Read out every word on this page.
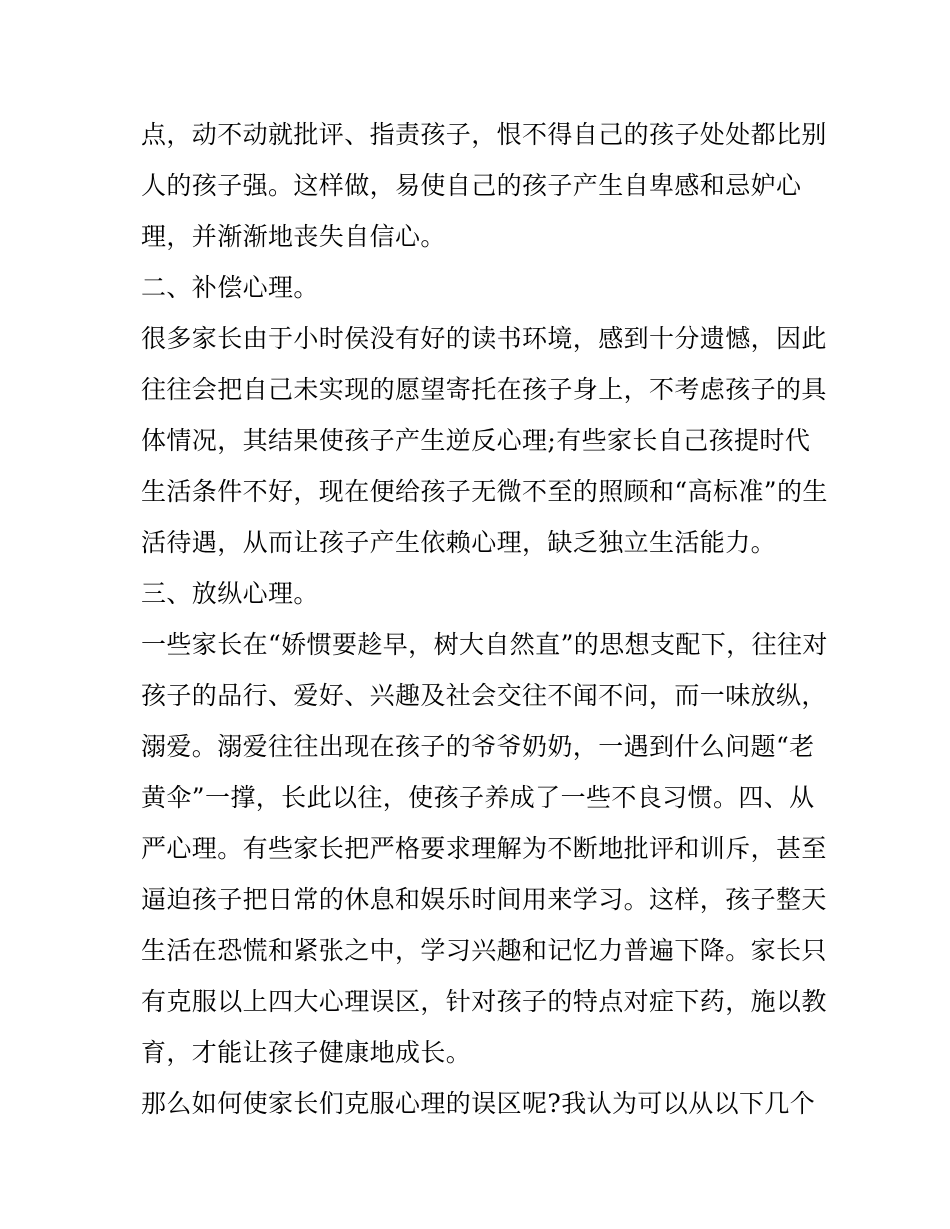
点，动不动就批评、指责孩子，恨不得自己的孩子处处都比别
人的孩子强。这样做，易使自己的孩子产生自卑感和忌妒心
理，并渐渐地丧失自信心。
二、补偿心理。
很多家长由于小时侯没有好的读书环境，感到十分遗憾，因此
往往会把自己未实现的愿望寄托在孩子身上，不考虑孩子的具
体情况，其结果使孩子产生逆反心理;有些家长自己孩提时代
生活条件不好，现在便给孩子无微不至的照顾和“高标准”的生
活待遇，从而让孩子产生依赖心理，缺乏独立生活能力。
三、放纵心理。
一些家长在“娇惯要趁早，树大自然直”的思想支配下，往往对
孩子的品行、爱好、兴趣及社会交往不闻不问，而一味放纵，
溺爱。溺爱往往出现在孩子的爷爷奶奶，一遇到什么问题“老
黄伞”一撑，长此以往，使孩子养成了一些不良习惯。四、从
严心理。有些家长把严格要求理解为不断地批评和训斥，甚至
逼迫孩子把日常的休息和娱乐时间用来学习。这样，孩子整天
生活在恐慌和紧张之中，学习兴趣和记忆力普遍下降。家长只
有克服以上四大心理误区，针对孩子的特点对症下药，施以教
育，才能让孩子健康地成长。
那么如何使家长们克服心理的误区呢?我认为可以从以下几个
